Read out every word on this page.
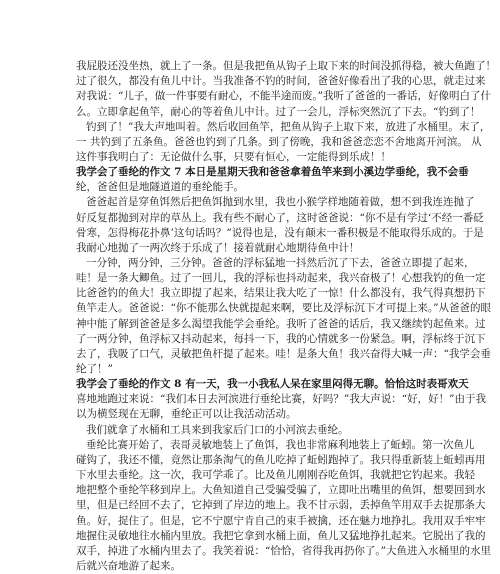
我屁股还没坐热，就上了一条。但是我把鱼从钩子上取下来的时间没抓得稳，被大鱼跑了！
过了很久，都没有鱼儿中计。当我准备不钓的时间，爸爸好像看出了我的心思，就走过来
对我说：“儿子，做一件事要有耐心，不能半途而废。”我听了爸爸的一番话，好像明白了什
么。立即拿起鱼竿，耐心的等着鱼儿中计。过了一会儿，浮标突然沉了下去。“钓到了！
钓到了！”我大声地叫着。然后收回鱼竿，把鱼从钩子上取下来，放进了水桶里。末了，
一 共钓到了五条鱼。爸爸也钓到了几条。到了傍晚，我和爸爸恋恋不舍地离开河滨。 从
这件事我明白了：无论做什么事，只要有恒心，一定能得到乐成！！
我学会了垂纶的作文 7 本日是星期天我和爸爸拿着鱼竿来到小溪边学垂纶，我不会垂
纶，爸爸但是地隧道道的垂纶能手。
爸爸起首是穿鱼饵然后把鱼饵抛到水里，我也小猴学样地随着做，想不到我连连抛了
好反复都抛到对岸的草丛上。我有些不耐心了，这时爸爸说：“你不是有学过‘不经一番砭
骨寒，怎得梅花扑鼻’这句话吗？”说得也是，没有颠末一番积极是不能取得乐成的。于是
我耐心地抛了一两次终于乐成了！接着就耐心地期待鱼中计！
一分钟，两分钟，三分钟。爸爸的浮标猛地一抖然后沉了下去，爸爸立即提了起来，
哇！是一条大鲫鱼。过了一回儿，我的浮标也抖动起来，我兴奋极了！心想我钓的鱼一定
比爸爸钓的鱼大！我立即提了起来，结果让我大吃了一惊！什么都没有，我气得真想扔下
鱼竿走人。爸爸说：“你不能那么快就提起来啊，要比及浮标沉下才可提上来。”从爸爸的眼
神中能了解到爸爸是多么渴望我能学会垂纶。我听了爸爸的话后，我又继续钓起鱼来。过
了一两分钟，鱼浮标又抖动起来，每抖一下，我的心情就多一份紧急。啊，浮标终于沉下
去了，我吸了口气，灵敏把鱼杆提了起来。哇！是条大鱼！我兴奋得大喊一声：“我学会垂
纶了！”
我学会了垂纶的作文 8 有一天，我一小我私人呆在家里闷得无聊。恰恰这时表哥欢天
喜地地跑过来说：“我们本日去河滨进行垂纶比赛，好吗？”我大声说：“好，好！”由于我
以为横竖现在无聊，垂纶正可以让我活动活动。
我们就拿了水桶和工具来到我家后门口的小河滨去垂纶。
垂纶比赛开始了，表哥灵敏地装上了鱼饵，我也非常麻利地装上了蚯蚓。第一次鱼儿
碰钩了，我还不懂，竟然让那条淘气的鱼儿吃掉了蚯蚓跑掉了。我只得重新装上蚯蚓再用
下水里去垂纶。这一次，我可学乖了。比及鱼儿刚刚吞吃鱼饵，我就把它钓起来。我轻
地把整个垂纶竿移到岸上。大鱼知道自己受骗受骗了，立即吐出嘴里的鱼饵，想要回到水
里，但是已经回不去了，它掉到了岸边的地上。我不甘示弱，丢掉鱼竿用双手去捉那条大
鱼。好，捉住了。但是，它不宁愿宁肯自己的束手被擒，还在魅力地挣扎。我用双手牢牢
地握住灵敏地往水桶内里放。我把它拿到水桶上面，鱼儿又猛地挣扎起来。它脱出了我的
双手，掉进了水桶内里去了。我笑着说：“恰恰，省得我再扔你了。”大鱼进入水桶里的水里
后就兴奋地游了起来。
